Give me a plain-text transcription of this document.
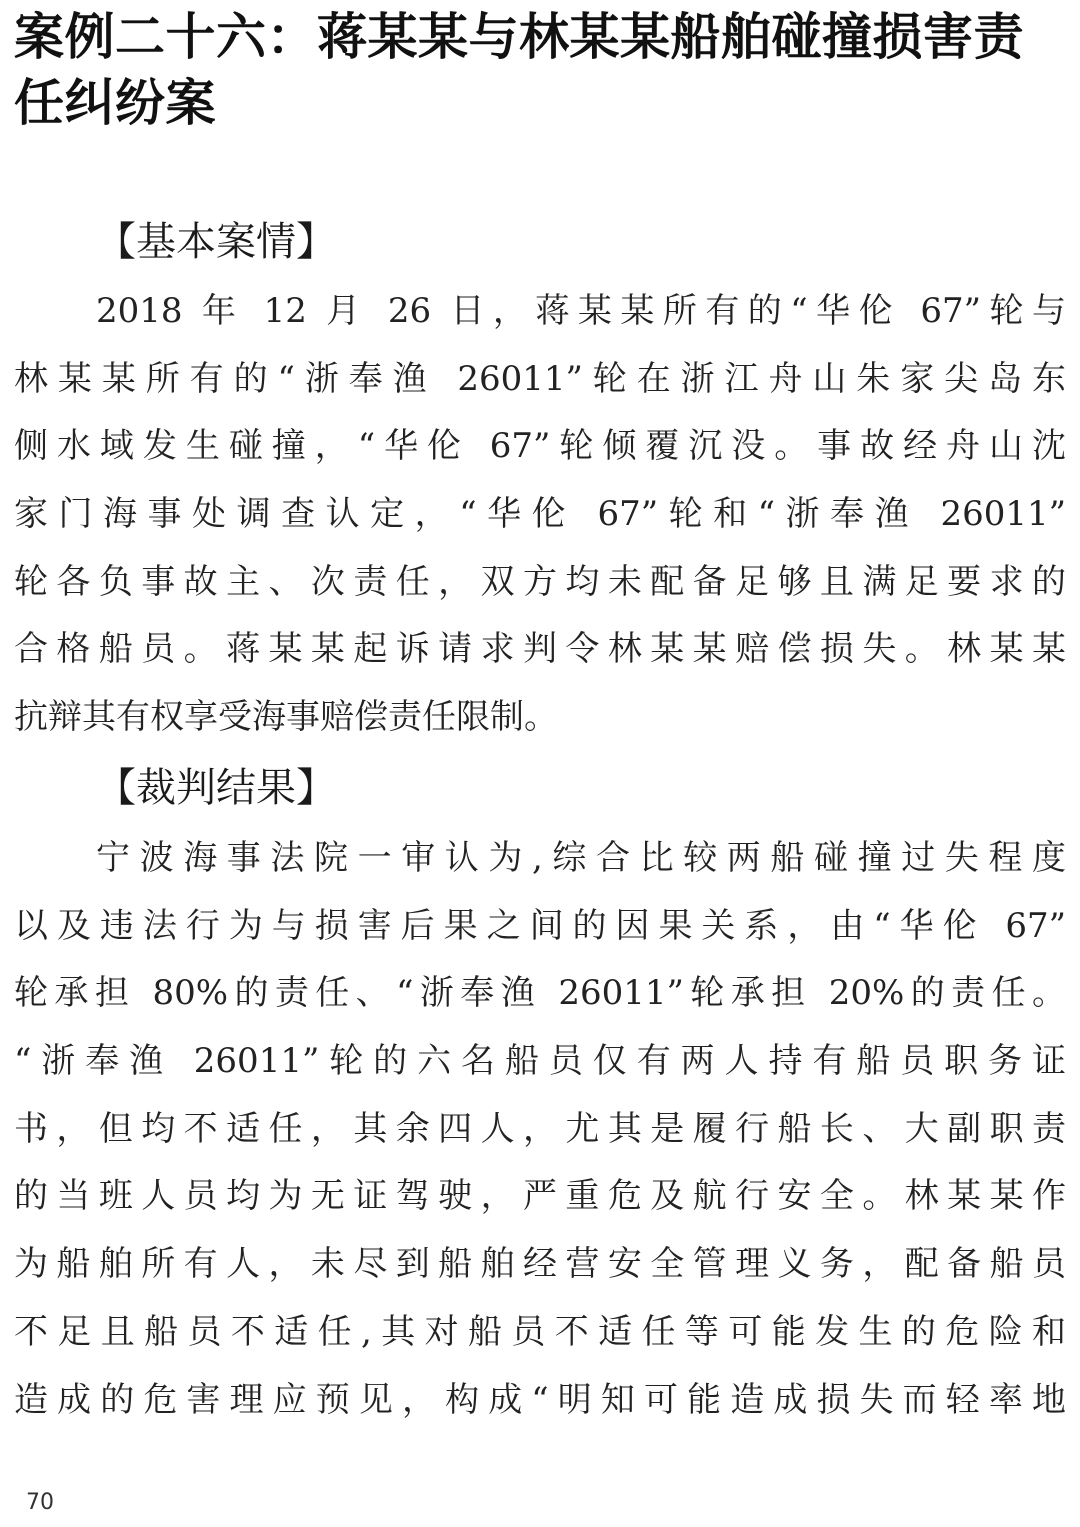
案例二十六：蒋某某与林某某船舶碰撞损害责
任纠纷案
【基本案情】
2018 年 12 月 26 日，蒋某某所有的“华伦 67”轮与
林某某所有的“浙奉渔 26011”轮在浙江舟山朱家尖岛东
侧水域发生碰撞，“华伦 67”轮倾覆沉没。事故经舟山沈
家门海事处调查认定，“华伦 67”轮和“浙奉渔 26011”
轮各负事故主、次责任，双方均未配备足够且满足要求的
合格船员。蒋某某起诉请求判令林某某赔偿损失。林某某
抗辩其有权享受海事赔偿责任限制。
【裁判结果】
宁波海事法院一审认为,综合比较两船碰撞过失程度
以及违法行为与损害后果之间的因果关系，由“华伦 67”
轮承担 80%的责任、“浙奉渔 26011”轮承担 20%的责任。
“浙奉渔 26011”轮的六名船员仅有两人持有船员职务证
书，但均不适任，其余四人，尤其是履行船长、大副职责
的当班人员均为无证驾驶，严重危及航行安全。林某某作
为船舶所有人，未尽到船舶经营安全管理义务，配备船员
不足且船员不适任,其对船员不适任等可能发生的危险和
造成的危害理应预见，构成“明知可能造成损失而轻率地
70
